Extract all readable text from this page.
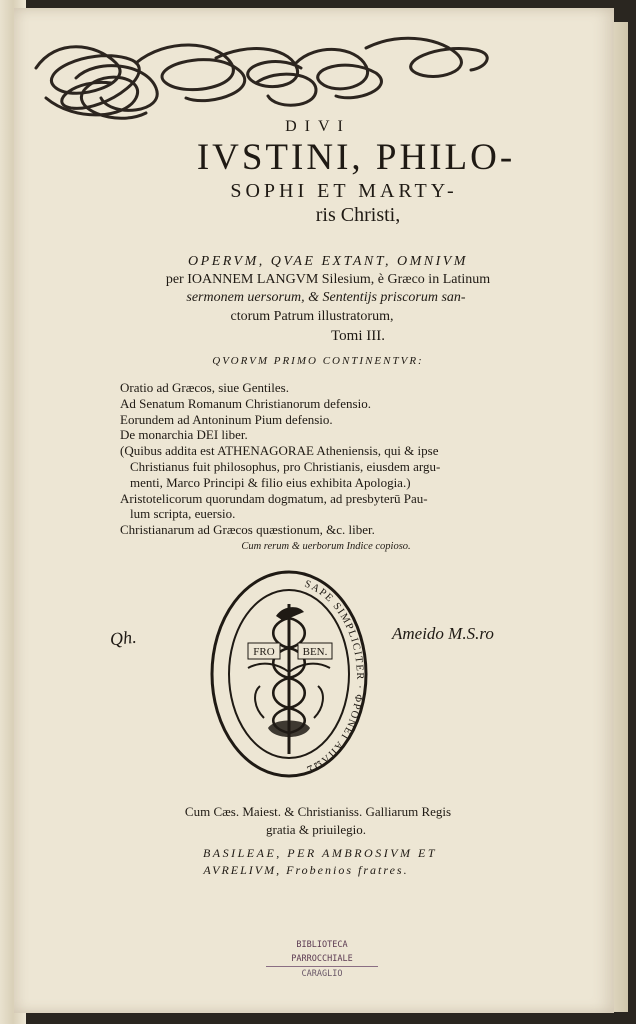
DIVI
IVSTINI, PHILO-
SOPHI ET MARTY-
ris Christi,
OPERVM, QVAE EXTANT, OMNIVM
per IOANNEM LANGVM Silesium, è Græco in Latinum
sermonem uersorum, & Sententijs priscorum san-
ctorum Patrum illustratorum,
Tomi III.
QVORVM PRIMO CONTINENTVR:
Oratio ad Græcos, siue Gentiles.
Ad Senatum Romanum Christianorum defensio.
Eorundem ad Antoninum Pium defensio.
De monarchia DEI liber.
(Quibus addita est ATHENAGORAE Atheniensis, qui & ipse
Christianus fuit philosophus, pro Christianis, eiusdem argu-
menti, Marco Principi & filio eius exhibita Apologia.)
Aristotelicorum quorundam dogmatum, ad presbyterū Pau-
lum scripta, euersio.
Christianarum ad Græcos quæstionum, &c. liber.
Cum rerum & uerborum Indice copioso.
Qh.	Ameido M.S.ro
SAPE SIMPLICITER · ΦΡΟΝΕΙ ΑΠΛΩΣ
FRO	BEN.
Cum Cæs. Maiest. & Christianiss. Galliarum Regis
gratia & priuilegio.
BASILEAE, PER AMBROSIVM ET
AVRELIVM, Frobenios fratres.
BIBLIOTECA PARROCCHIALE
CARAGLIO
